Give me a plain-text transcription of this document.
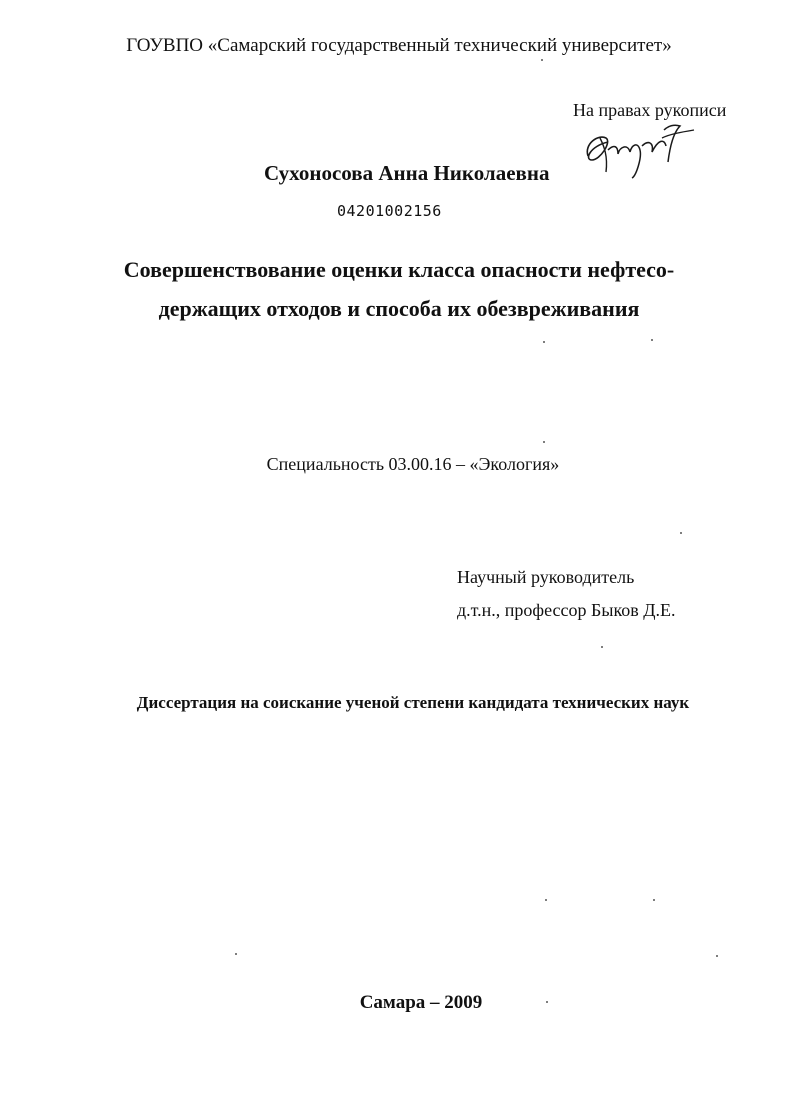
ГОУВПО «Самарский государственный технический университет»
На правах рукописи
Сухоносова Анна Николаевна
04201002156
Совершенствование оценки класса опасности нефтесо-
держащих отходов и способа их обезвреживания
Специальность 03.00.16 – «Экология»
Научный руководитель
д.т.н., профессор Быков Д.Е.
Диссертация на соискание ученой степени кандидата технических наук
Самара – 2009
